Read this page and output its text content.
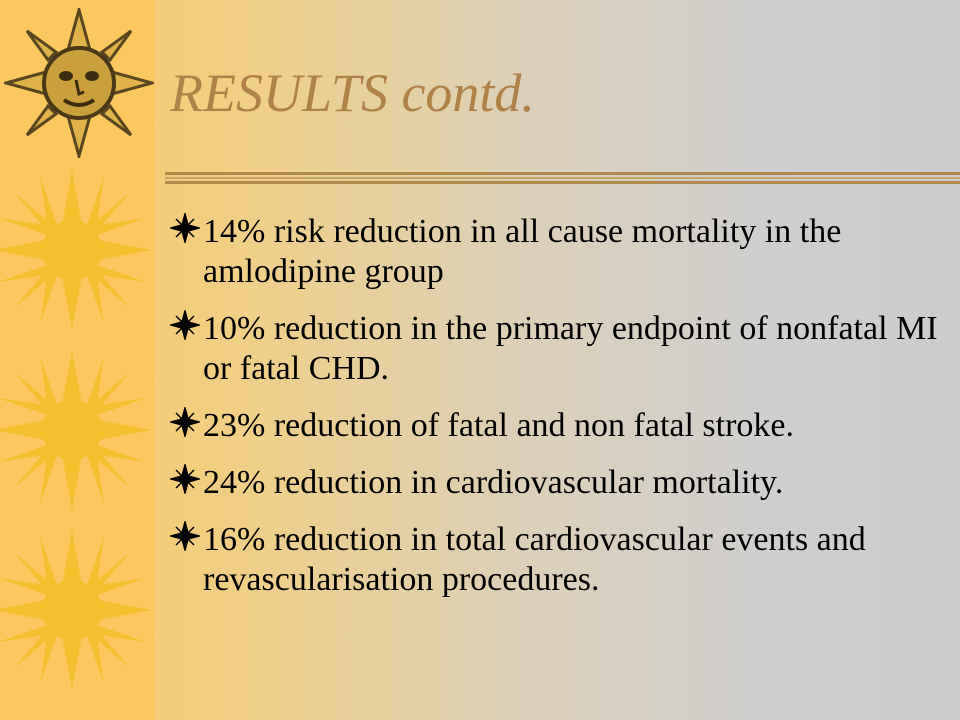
RESULTS contd.
14% risk reduction in all cause mortality in the amlodipine group
10% reduction in the primary endpoint of nonfatal MI or fatal CHD.
23% reduction of fatal and non fatal stroke.
24% reduction in cardiovascular mortality.
16% reduction in total cardiovascular events and revascularisation procedures.
